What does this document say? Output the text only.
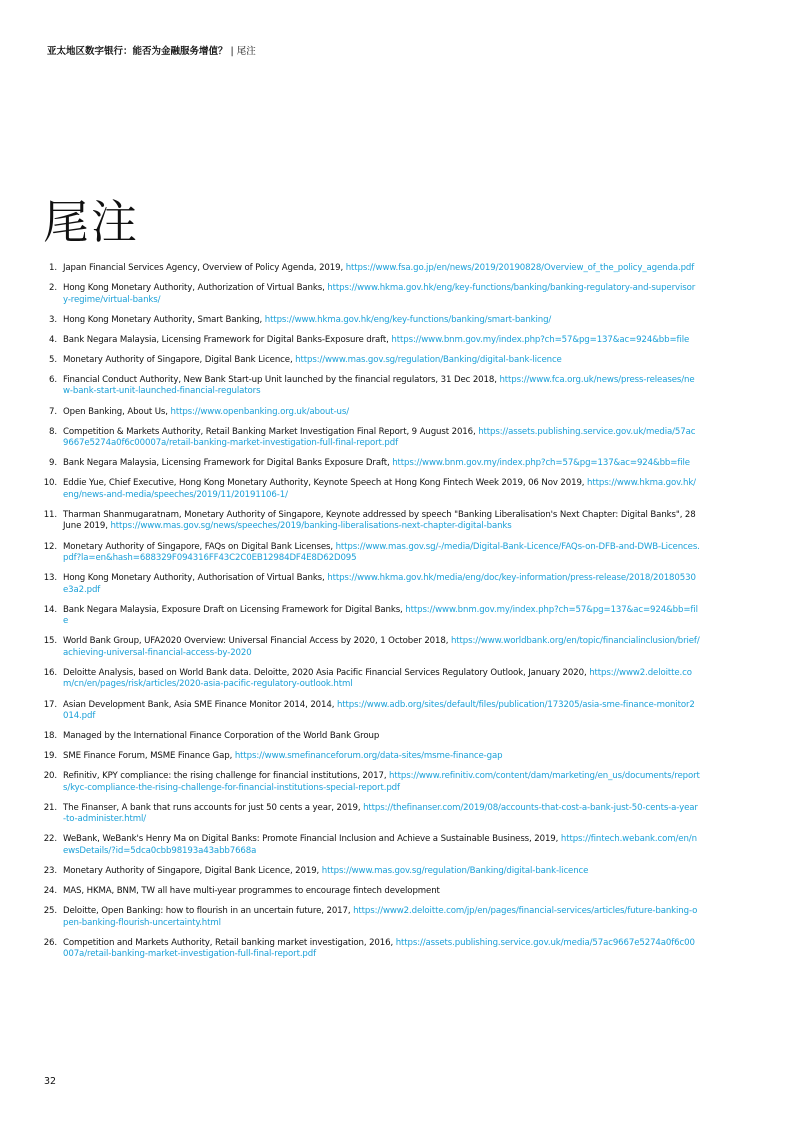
亚太地区数字银行：能否为金融服务增值？ | 尾注
尾注
1. Japan Financial Services Agency, Overview of Policy Agenda, 2019, https://www.fsa.go.jp/en/news/2019/20190828/Overview_of_the_policy_agenda.pdf
2. Hong Kong Monetary Authority, Authorization of Virtual Banks, https://www.hkma.gov.hk/eng/key-functions/banking/banking-regulatory-and-supervisory-regime/virtual-banks/
3. Hong Kong Monetary Authority, Smart Banking, https://www.hkma.gov.hk/eng/key-functions/banking/smart-banking/
4. Bank Negara Malaysia, Licensing Framework for Digital Banks-Exposure draft, https://www.bnm.gov.my/index.php?ch=57&pg=137&ac=924&bb=file
5. Monetary Authority of Singapore, Digital Bank Licence, https://www.mas.gov.sg/regulation/Banking/digital-bank-licence
6. Financial Conduct Authority, New Bank Start-up Unit launched by the financial regulators, 31 Dec 2018, https://www.fca.org.uk/news/press-releases/new-bank-start-unit-launched-financial-regulators
7. Open Banking, About Us, https://www.openbanking.org.uk/about-us/
8. Competition & Markets Authority, Retail Banking Market Investigation Final Report, 9 August 2016, https://assets.publishing.service.gov.uk/media/57ac9667e5274a0f6c00007a/retail-banking-market-investigation-full-final-report.pdf
9. Bank Negara Malaysia, Licensing Framework for Digital Banks Exposure Draft, https://www.bnm.gov.my/index.php?ch=57&pg=137&ac=924&bb=file
10. Eddie Yue, Chief Executive, Hong Kong Monetary Authority, Keynote Speech at Hong Kong Fintech Week 2019, 06 Nov 2019, https://www.hkma.gov.hk/eng/news-and-media/speeches/2019/11/20191106-1/
11. Tharman Shanmugaratnam, Monetary Authority of Singapore, Keynote addressed by speech "Banking Liberalisation's Next Chapter: Digital Banks", 28 June 2019, https://www.mas.gov.sg/news/speeches/2019/banking-liberalisations-next-chapter-digital-banks
12. Monetary Authority of Singapore, FAQs on Digital Bank Licenses, https://www.mas.gov.sg/-/media/Digital-Bank-Licence/FAQs-on-DFB-and-DWB-Licences.pdf?la=en&hash=688329F094316FF43C2C0EB12984DF4E8D62D095
13. Hong Kong Monetary Authority, Authorisation of Virtual Banks, https://www.hkma.gov.hk/media/eng/doc/key-information/press-release/2018/20180530e3a2.pdf
14. Bank Negara Malaysia, Exposure Draft on Licensing Framework for Digital Banks, https://www.bnm.gov.my/index.php?ch=57&pg=137&ac=924&bb=file
15. World Bank Group, UFA2020 Overview: Universal Financial Access by 2020, 1 October 2018, https://www.worldbank.org/en/topic/financialinclusion/brief/achieving-universal-financial-access-by-2020
16. Deloitte Analysis, based on World Bank data. Deloitte, 2020 Asia Pacific Financial Services Regulatory Outlook, January 2020, https://www2.deloitte.com/cn/en/pages/risk/articles/2020-asia-pacific-regulatory-outlook.html
17. Asian Development Bank, Asia SME Finance Monitor 2014, 2014, https://www.adb.org/sites/default/files/publication/173205/asia-sme-finance-monitor2014.pdf
18. Managed by the International Finance Corporation of the World Bank Group
19. SME Finance Forum, MSME Finance Gap, https://www.smefinanceforum.org/data-sites/msme-finance-gap
20. Refinitiv, KPY compliance: the rising challenge for financial institutions, 2017, https://www.refinitiv.com/content/dam/marketing/en_us/documents/reports/kyc-compliance-the-rising-challenge-for-financial-institutions-special-report.pdf
21. The Finanser, A bank that runs accounts for just 50 cents a year, 2019, https://thefinanser.com/2019/08/accounts-that-cost-a-bank-just-50-cents-a-year-to-administer.html/
22. WeBank, WeBank's Henry Ma on Digital Banks: Promote Financial Inclusion and Achieve a Sustainable Business, 2019, https://fintech.webank.com/en/newsDetails/?id=5dca0cbb98193a43abb7668a
23. Monetary Authority of Singapore, Digital Bank Licence, 2019, https://www.mas.gov.sg/regulation/Banking/digital-bank-licence
24. MAS, HKMA, BNM, TW all have multi-year programmes to encourage fintech development
25. Deloitte, Open Banking: how to flourish in an uncertain future, 2017, https://www2.deloitte.com/jp/en/pages/financial-services/articles/future-banking-open-banking-flourish-uncertainty.html
26. Competition and Markets Authority, Retail banking market investigation, 2016, https://assets.publishing.service.gov.uk/media/57ac9667e5274a0f6c00007a/retail-banking-market-investigation-full-final-report.pdf
32
